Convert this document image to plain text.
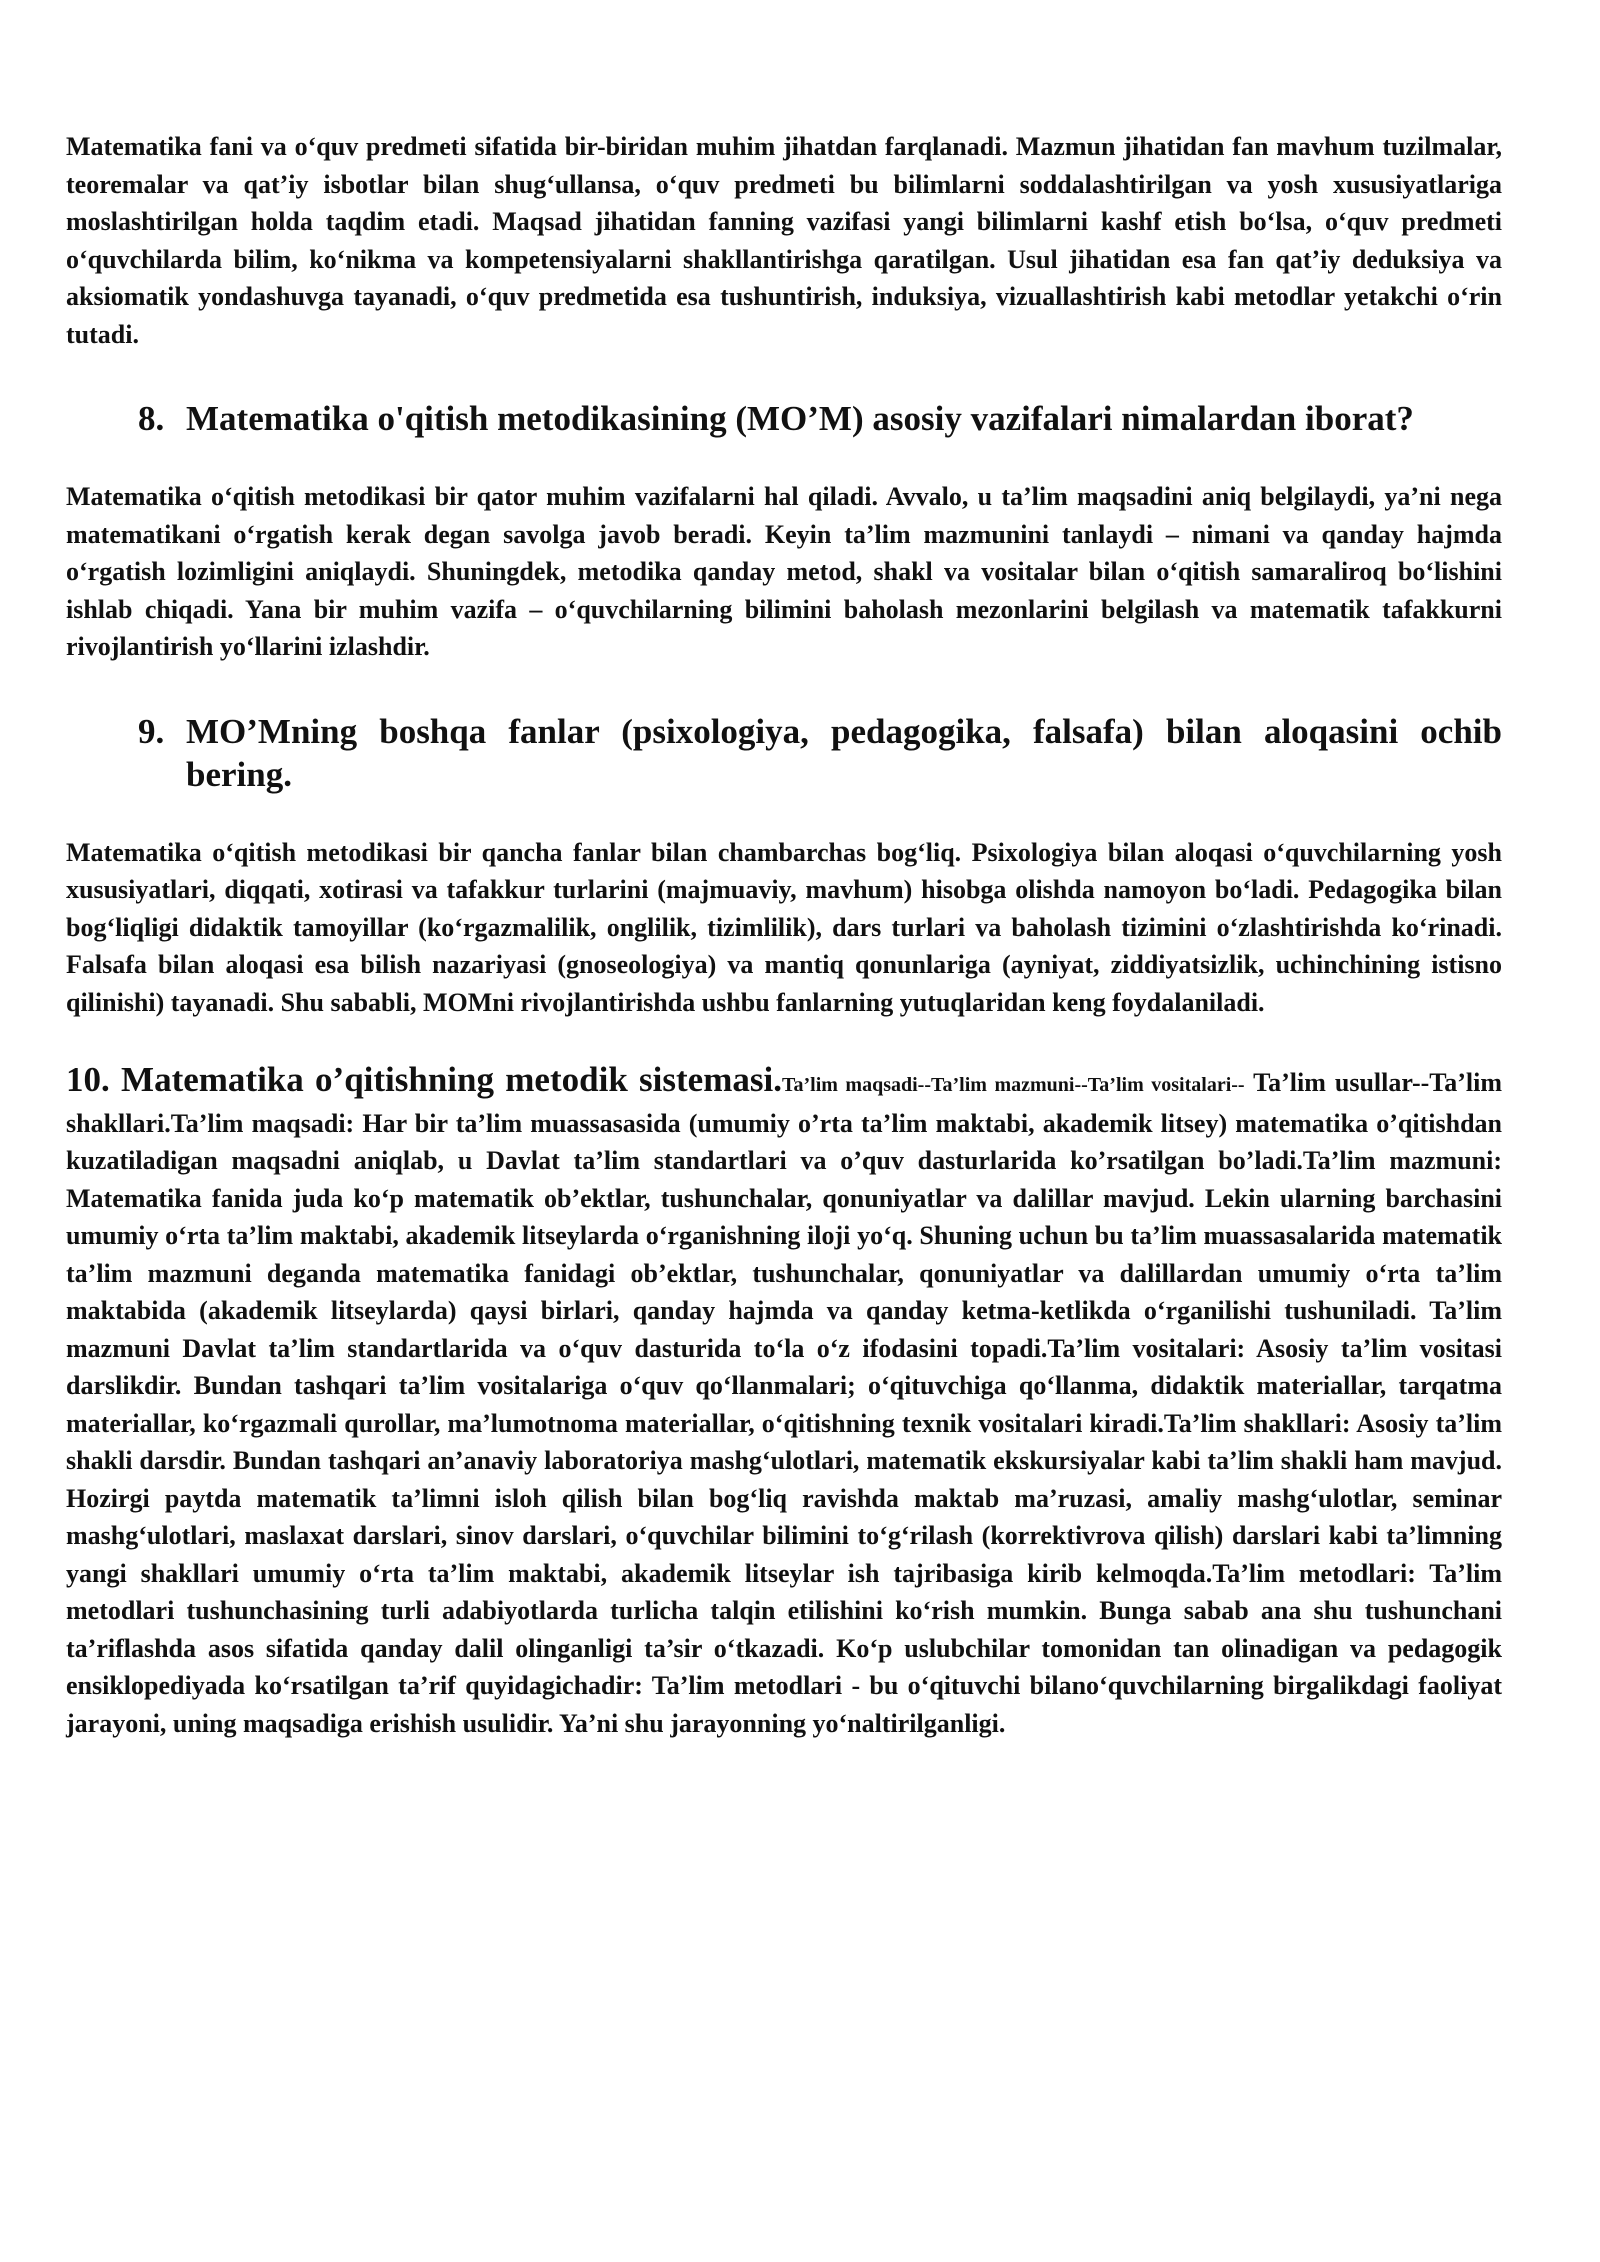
Matematika fani va o‘quv predmeti sifatida bir-biridan muhim jihatdan farqlanadi. Mazmun jihatidan fan mavhum tuzilmalar, teoremalar va qat’iy isbotlar bilan shug‘ullansa, o‘quv predmeti bu bilimlarni soddalashtirilgan va yosh xususiyatlariga moslashtirilgan holda taqdim etadi. Maqsad jihatidan fanning vazifasi yangi bilimlarni kashf etish bo‘lsa, o‘quv predmeti o‘quvchilarda bilim, ko‘nikma va kompetensiyalarni shakllantirishga qaratilgan. Usul jihatidan esa fan qat’iy deduksiya va aksiomatik yondashuvga tayanadi, o‘quv predmetida esa tushuntirish, induksiya, vizuallashtirish kabi metodlar yetakchi o‘rin tutadi.

8. Matematika o'qitish metodikasining (MO’M) asosiy vazifalari nimalardan iborat?

Matematika o‘qitish metodikasi bir qator muhim vazifalarni hal qiladi. Avvalo, u ta’lim maqsadini aniq belgilaydi, ya’ni nega matematikani o‘rgatish kerak degan savolga javob beradi. Keyin ta’lim mazmunini tanlaydi – nimani va qanday hajmda o‘rgatish lozimligini aniqlaydi. Shuningdek, metodika qanday metod, shakl va vositalar bilan o‘qitish samaraliroq bo‘lishini ishlab chiqadi. Yana bir muhim vazifa – o‘quvchilarning bilimini baholash mezonlarini belgilash va matematik tafakkurni rivojlantirish yo‘llarini izlashdir.

9. MO’Mning boshqa fanlar (psixologiya, pedagogika, falsafa) bilan aloqasini ochib bering.

Matematika o‘qitish metodikasi bir qancha fanlar bilan chambarchas bog‘liq. Psixologiya bilan aloqasi o‘quvchilarning yosh xususiyatlari, diqqati, xotirasi va tafakkur turlarini (majmuaviy, mavhum) hisobga olishda namoyon bo‘ladi. Pedagogika bilan bog‘liqligi didaktik tamoyillar (ko‘rgazmalilik, onglilik, tizimlilik), dars turlari va baholash tizimini o‘zlashtirishda ko‘rinadi. Falsafa bilan aloqasi esa bilish nazariyasi (gnoseologiya) va mantiq qonunlariga (ayniyat, ziddiyatsizlik, uchinchining istisno qilinishi) tayanadi. Shu sababli, MOMni rivojlantirishda ushbu fanlarning yutuqlaridan keng foydalaniladi.

10. Matematika o’qitishning metodik sistemasi.Ta’lim maqsadi--Ta’lim mazmuni--Ta’lim vositalari-- Ta’lim usullar--Ta’lim shakllari.Ta’lim maqsadi: Har bir ta’lim muassasasida (umumiy o’rta ta’lim maktabi, akademik litsey) matematika o’qitishdan kuzatiladigan maqsadni aniqlab, u Davlat ta’lim standartlari va o’quv dasturlarida ko’rsatilgan bo’ladi.Ta’lim mazmuni: Matematika fanida juda ko‘p matematik ob’ektlar, tushunchalar, qonuniyatlar va dalillar mavjud. Lekin ularning barchasini umumiy o‘rta ta’lim maktabi, akademik litseylarda o‘rganishning iloji yo‘q. Shuning uchun bu ta’lim muassasalarida matematik ta’lim mazmuni deganda matematika fanidagi ob’ektlar, tushunchalar, qonuniyatlar va dalillardan umumiy o‘rta ta’lim maktabida (akademik litseylarda) qaysi birlari, qanday hajmda va qanday ketma-ketlikda o‘rganilishi tushuniladi. Ta’lim mazmuni Davlat ta’lim standartlarida va o‘quv dasturida to‘la o‘z ifodasini topadi.Ta’lim vositalari: Asosiy ta’lim vositasi darslikdir. Bundan tashqari ta’lim vositalariga o‘quv qo‘llanmalari; o‘qituvchiga qo‘llanma, didaktik materiallar, tarqatma materiallar, ko‘rgazmali qurollar, ma’lumotnoma materiallar, o‘qitishning texnik vositalari kiradi.Ta’lim shakllari: Asosiy ta’lim shakli darsdir. Bundan tashqari an’anaviy laboratoriya mashg‘ulotlari, matematik ekskursiyalar kabi ta’lim shakli ham mavjud. Hozirgi paytda matematik ta’limni isloh qilish bilan bog‘liq ravishda maktab ma’ruzasi, amaliy mashg‘ulotlar, seminar mashg‘ulotlari, maslaxat darslari, sinov darslari, o‘quvchilar bilimini to‘g‘rilash (korrektivrova qilish) darslari kabi ta’limning yangi shakllari umumiy o‘rta ta’lim maktabi, akademik litseylar ish tajribasiga kirib kelmoqda.Ta’lim metodlari: Ta’lim metodlari tushunchasining turli adabiyotlarda turlicha talqin etilishini ko‘rish mumkin. Bunga sabab ana shu tushunchani ta’riflashda asos sifatida qanday dalil olinganligi ta’sir o‘tkazadi. Ko‘p uslubchilar tomonidan tan olinadigan va pedagogik ensiklopediyada ko‘rsatilgan ta’rif quyidagichadir: Ta’lim metodlari - bu o‘qituvchi bilano‘quvchilarning birgalikdagi faoliyat jarayoni, uning maqsadiga erishish usulidir. Ya’ni shu jarayonning yo‘naltirilganligi.
